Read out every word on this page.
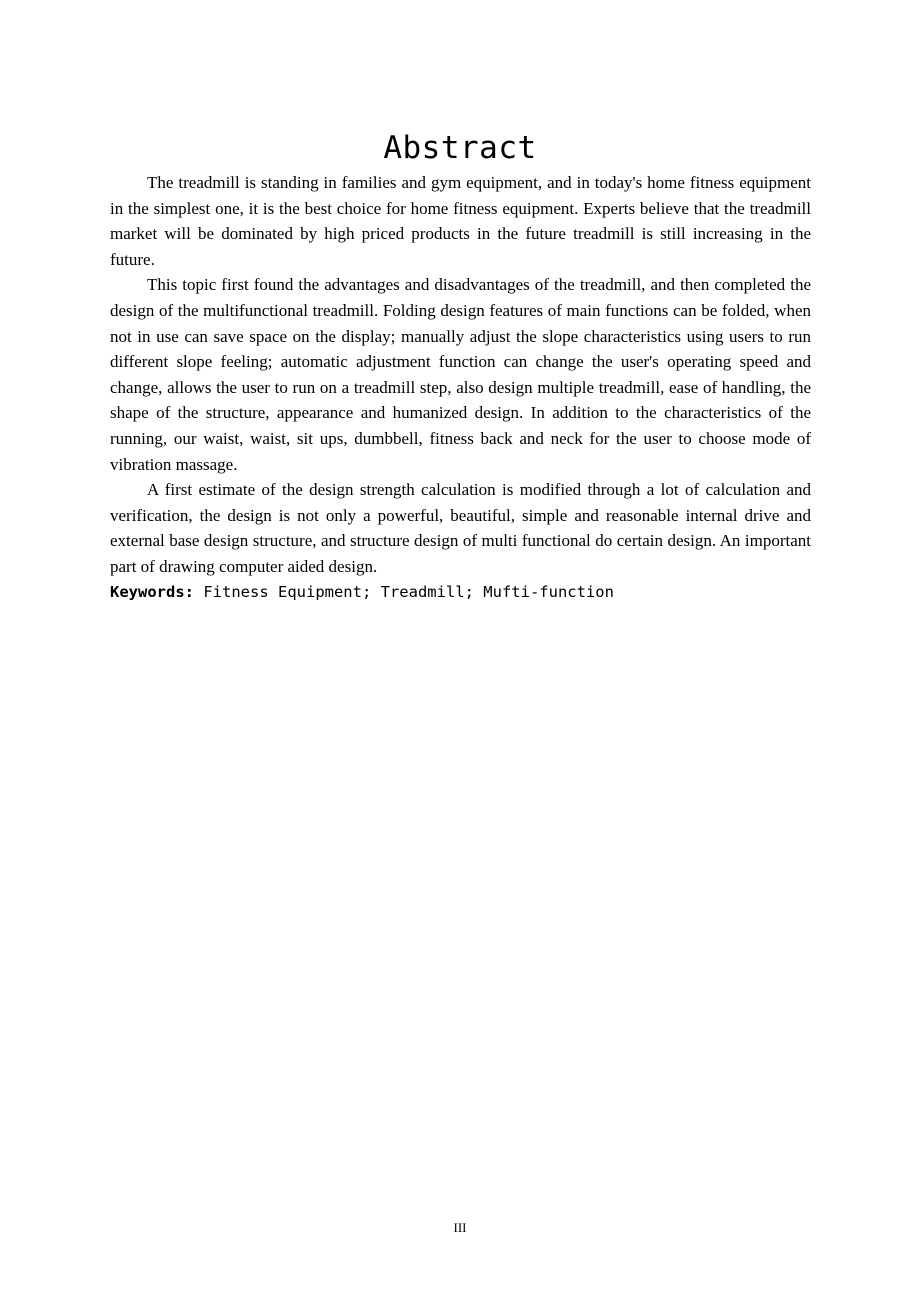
Abstract

The treadmill is standing in families and gym equipment, and in today's home fitness equipment in the simplest one, it is the best choice for home fitness equipment. Experts believe that the treadmill market will be dominated by high priced products in the future treadmill is still increasing in the future.

This topic first found the advantages and disadvantages of the treadmill, and then completed the design of the multifunctional treadmill. Folding design features of main functions can be folded, when not in use can save space on the display; manually adjust the slope characteristics using users to run different slope feeling; automatic adjustment function can change the user's operating speed and change, allows the user to run on a treadmill step, also design multiple treadmill, ease of handling, the shape of the structure, appearance and humanized design. In addition to the characteristics of the running, our waist, waist, sit ups, dumbbell, fitness back and neck for the user to choose mode of vibration massage.

A first estimate of the design strength calculation is modified through a lot of calculation and verification, the design is not only a powerful, beautiful, simple and reasonable internal drive and external base design structure, and structure design of multi functional do certain design. An important part of drawing computer aided design.

Keywords: Fitness Equipment; Treadmill; Mufti-function
III
